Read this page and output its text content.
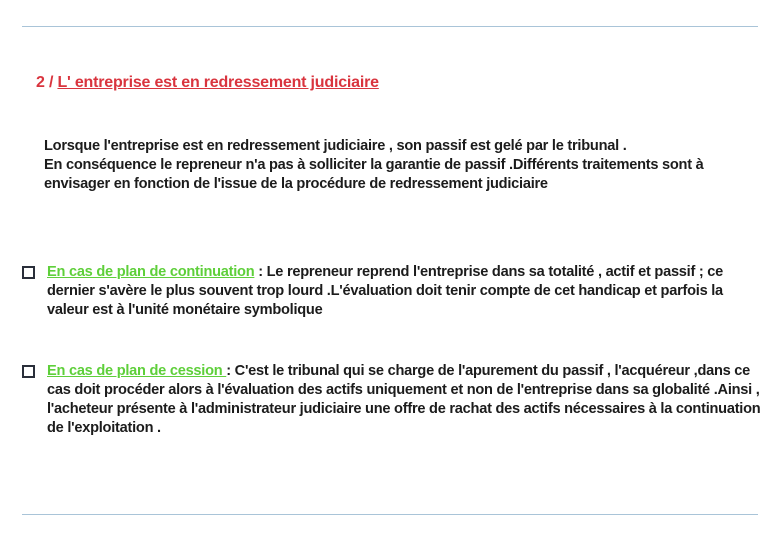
2 / L' entreprise est en redressement judiciaire
Lorsque l'entreprise est en redressement judiciaire , son passif est gelé par le tribunal .
En conséquence le repreneur n'a pas à solliciter la garantie de passif .Différents traitements sont à envisager en fonction de l'issue de la procédure de redressement judiciaire
En cas de plan de continuation : Le repreneur reprend l'entreprise dans sa totalité , actif et passif ; ce dernier s'avère le plus souvent trop lourd .L'évaluation doit tenir compte de cet handicap et parfois la valeur est à l'unité monétaire symbolique
En cas de plan de cession : C'est le tribunal qui se charge de l'apurement du passif , l'acquéreur ,dans ce cas doit procéder alors à l'évaluation des actifs uniquement et non de l'entreprise dans sa globalité .Ainsi , l'acheteur présente à l'administrateur judiciaire une offre de rachat des actifs nécessaires à la continuation de l'exploitation .
